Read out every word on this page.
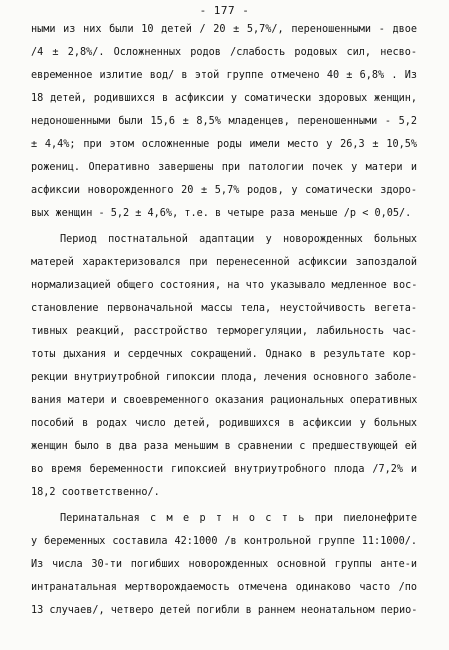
- 177 -
ными из них были 10 детей / 20 ± 5,7%/, переношенными - двое
/4 ± 2,8%/. Осложненных родов /слабость родовых сил, несво-
евременное излитие вод/ в этой группе отмечено 40 ± 6,8% . Из
18 детей, родившихся в асфиксии у соматически здоровых женщин,
недоношенными были 15,6 ± 8,5% младенцев, переношенными - 5,2
± 4,4%; при этом осложненные роды имели место у 26,3 ± 10,5%
рожениц. Оперативно завершены при патологии почек у матери и
асфиксии новорожденного 20 ± 5,7% родов, у соматически здоро-
вых женщин - 5,2 ± 4,6%, т.е. в четыре раза меньше /р < 0,05/.
Период постнатальной адаптации у новорожденных больных
матерей характеризовался при перенесенной асфиксии запоздалой
нормализацией общего состояния, на что указывало медленное вос-
становление первоначальной массы тела, неустойчивость вегета-
тивных реакций, расстройство терморегуляции, лабильность час-
тоты дыхания и сердечных сокращений. Однако в результате кор-
рекции внутриутробной гипоксии плода, лечения основного заболе-
вания матери и своевременного оказания рациональных оперативных
пособий в родах число детей, родившихся в асфиксии у больных
женщин было в два раза меньшим в сравнении с предшествующей ей
во время беременности гипоксией внутриутробного плода /7,2% и
18,2 соответственно/.
Перинатальная с м е р т н о с т ь при пиелонефрите
у беременных составила 42:1000 /в контрольной группе 11:1000/.
Из числа 30-ти погибших новорожденных основной группы анте-и
интранатальная мертворождаемость отмечена одинаково часто /по
13 случаев/, четверо детей погибли в раннем неонатальном перио-
